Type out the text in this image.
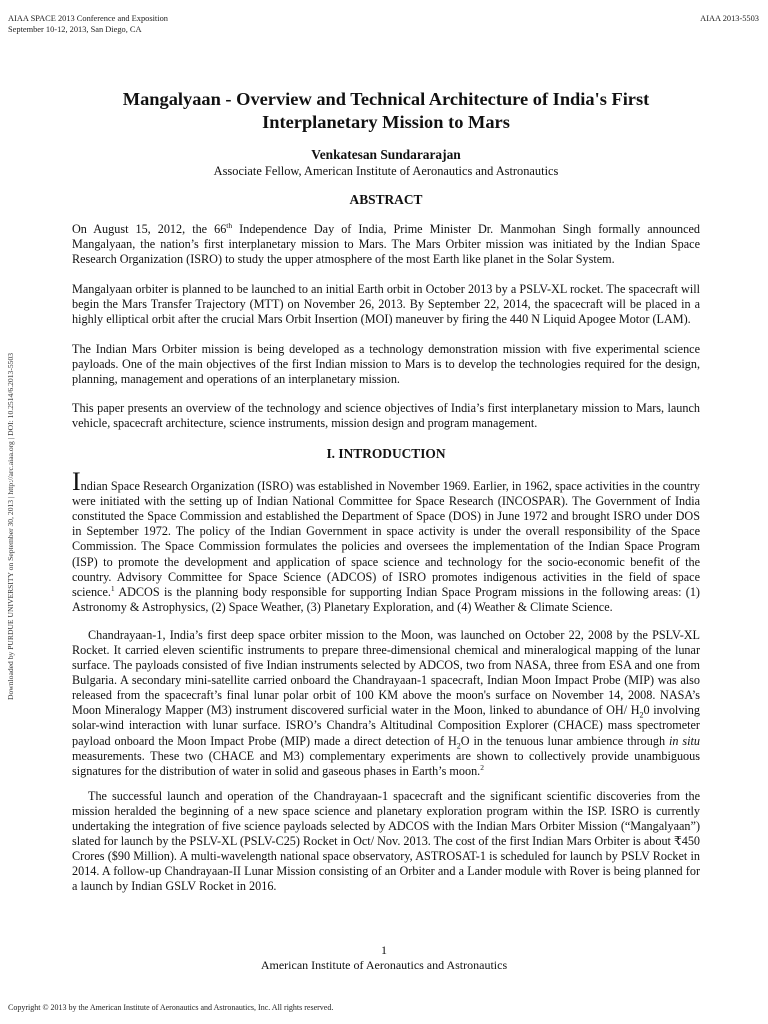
AIAA SPACE 2013 Conference and Exposition
September 10-12, 2013, San Diego, CA
AIAA 2013-5503
Downloaded by PURDUE UNIVERSITY on September 30, 2013 | http://arc.aiaa.org | DOI: 10.2514/6.2013-5503
Mangalyaan - Overview and Technical Architecture of India's First
Interplanetary Mission to Mars
Venkatesan Sundararajan
Associate Fellow, American Institute of Aeronautics and Astronautics
ABSTRACT

On August 15, 2012, the 66th Independence Day of India, Prime Minister Dr. Manmohan Singh formally announced Mangalyaan, the nation’s first interplanetary mission to Mars. The Mars Orbiter mission was initiated by the Indian Space Research Organization (ISRO) to study the upper atmosphere of the most Earth like planet in the Solar System.

Mangalyaan orbiter is planned to be launched to an initial Earth orbit in October 2013 by a PSLV-XL rocket. The spacecraft will begin the Mars Transfer Trajectory (MTT) on November 26, 2013. By September 22, 2014, the spacecraft will be placed in a highly elliptical orbit after the crucial Mars Orbit Insertion (MOI) maneuver by firing the 440 N Liquid Apogee Motor (LAM).

The Indian Mars Orbiter mission is being developed as a technology demonstration mission with five experimental science payloads. One of the main objectives of the first Indian mission to Mars is to develop the technologies required for the design, planning, management and operations of an interplanetary mission.

This paper presents an overview of the technology and science objectives of India’s first interplanetary mission to Mars, launch vehicle, spacecraft architecture, science instruments, mission design and program management.

I. INTRODUCTION

Indian Space Research Organization (ISRO) was established in November 1969. Earlier, in 1962, space activities in the country were initiated with the setting up of Indian National Committee for Space Research (INCOSPAR). The Government of India constituted the Space Commission and established the Department of Space (DOS) in June 1972 and brought ISRO under DOS in September 1972. The policy of the Indian Government in space activity is under the overall responsibility of the Space Commission. The Space Commission formulates the policies and oversees the implementation of the Indian Space Program (ISP) to promote the development and application of space science and technology for the socio-economic benefit of the country. Advisory Committee for Space Science (ADCOS) of ISRO promotes indigenous activities in the field of space science.$^1$ ADCOS is the planning body responsible for supporting Indian Space Program missions in the following areas: (1) Astronomy & Astrophysics, (2) Space Weather, (3) Planetary Exploration, and (4) Weather & Climate Science.

Chandrayaan-1, India’s first deep space orbiter mission to the Moon, was launched on October 22, 2008 by the PSLV-XL Rocket. It carried eleven scientific instruments to prepare three-dimensional chemical and mineralogical mapping of the lunar surface. The payloads consisted of five Indian instruments selected by ADCOS, two from NASA, three from ESA and one from Bulgaria. A secondary mini-satellite carried onboard the Chandrayaan-1 spacecraft, Indian Moon Impact Probe (MIP) was also released from the spacecraft’s final lunar polar orbit of 100 KM above the moon's surface on November 14, 2008. NASA’s Moon Mineralogy Mapper (M3) instrument discovered surficial water in the Moon, linked to abundance of OH/ $H_20$ involving solar-wind interaction with lunar surface. ISRO’s Chandra’s Altitudinal Composition Explorer (CHACE) mass spectrometer payload onboard the Moon Impact Probe (MIP) made a direct detection of $H_2O$ in the tenuous lunar ambience through in situ measurements. These two (CHACE and M3) complementary experiments are shown to collectively provide unambiguous signatures for the distribution of water in solid and gaseous phases in Earth’s moon.$^2$

The successful launch and operation of the Chandrayaan-1 spacecraft and the significant scientific discoveries from the mission heralded the beginning of a new space science and planetary exploration program within the ISP. ISRO is currently undertaking the integration of five science payloads selected by ADCOS with the Indian Mars Orbiter Mission (“Mangalyaan”) slated for launch by the PSLV-XL (PSLV-C25) Rocket in Oct/ Nov. 2013. The cost of the first Indian Mars Orbiter is about ₹450 Crores ($90 Million). A multi-wavelength national space observatory, ASTROSAT-1 is scheduled for launch by PSLV Rocket in 2014. A follow-up Chandrayaan-II Lunar Mission consisting of an Orbiter and a Lander module with Rover is being planned for a launch by Indian GSLV Rocket in 2016.

1
American Institute of Aeronautics and Astronautics
Copyright © 2013 by the American Institute of Aeronautics and Astronautics, Inc. All rights reserved.
